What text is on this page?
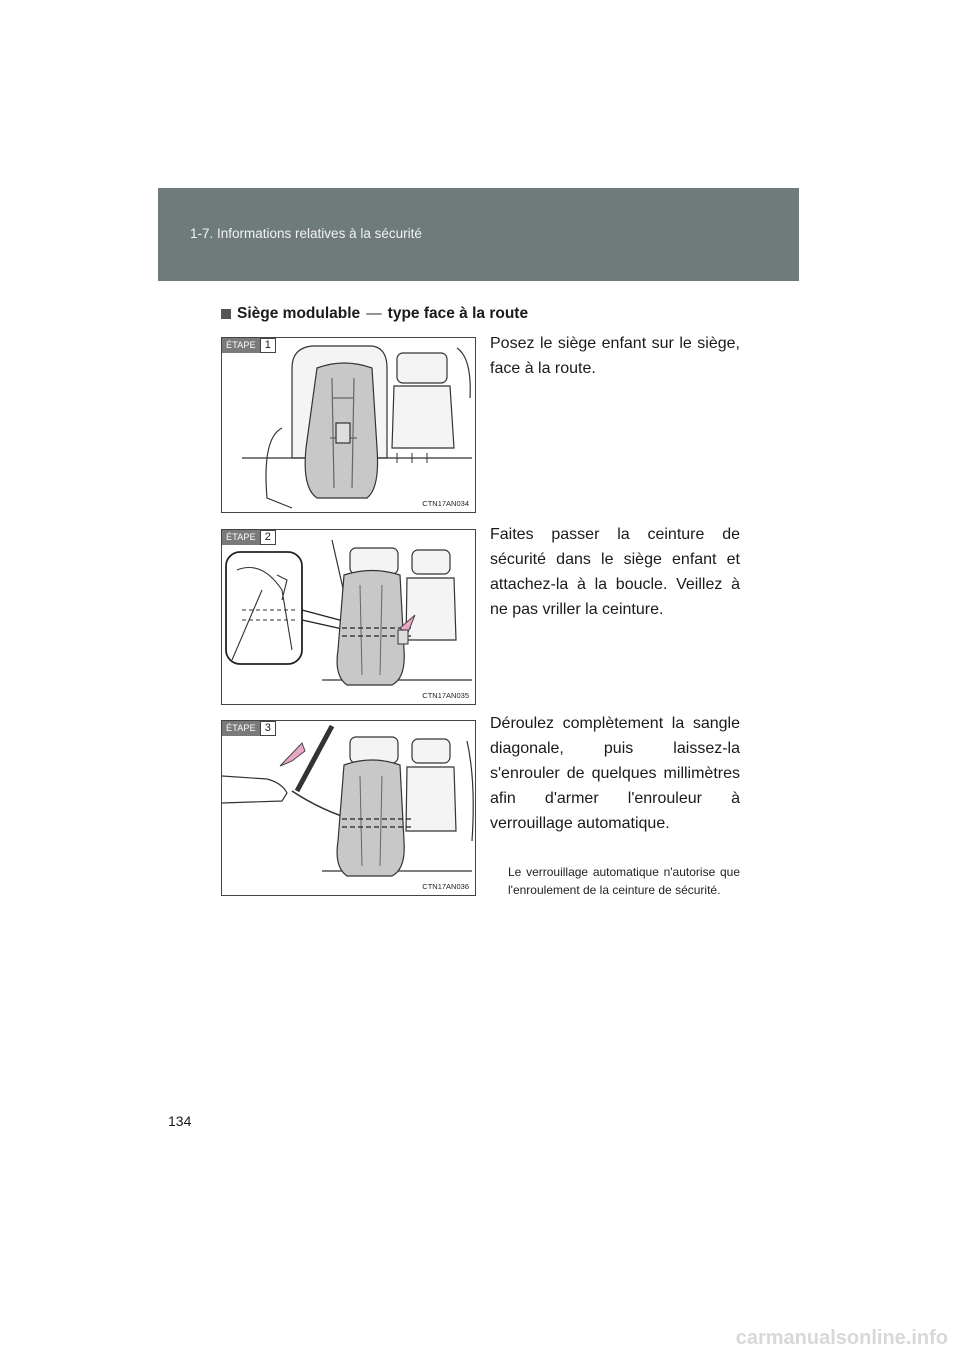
1-7. Informations relatives à la sécurité
Siège modulable — type face à la route
ÉTAPE 1
CTN17AN034
ÉTAPE 2
CTN17AN035
ÉTAPE 3
CTN17AN036
Posez le siège enfant sur le siège, face à la route.
Faites passer la ceinture de sécurité dans le siège enfant et attachez-la à la boucle. Veillez à ne pas vriller la ceinture.
Déroulez complètement la sangle diagonale, puis laissez-la s'enrouler de quelques millimètres afin d'armer l'enrouleur à verrouillage automatique.
Le verrouillage automatique n'autorise que l'enroulement de la ceinture de sécurité.
134
carmanualsonline.info
